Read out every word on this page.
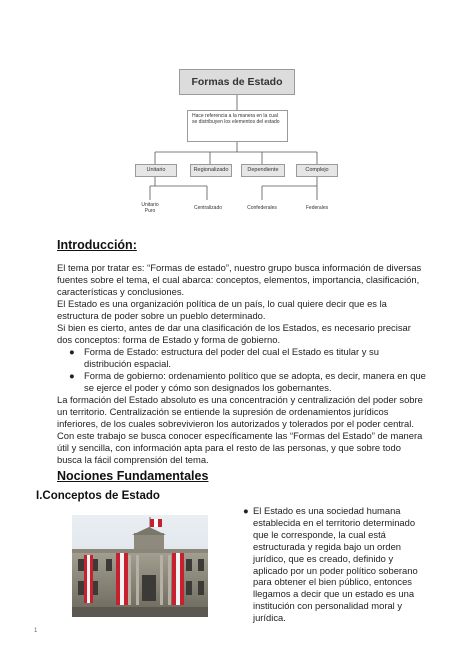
Formas de Estado
Hace referencia a la manera en la cual se distribuyen los elementos del estado
Unitario	Regionalizado	Dependiente	Complejo
Unitario
Puro	Centralizado	Confederales	Federales
Introducción:

El tema por tratar es: “Formas de estado”, nuestro grupo busca información de diversas fuentes sobre el tema, el cual abarca: conceptos, elementos, importancia, clasificación, características y conclusiones.

El Estado es una organización política de un país, lo cual quiere decir que es la estructura de poder sobre un pueblo determinado.

Si bien es cierto, antes de dar una clasificación de los Estados, es necesario precisar dos conceptos: forma de Estado y forma de gobierno.

● Forma de Estado: estructura del poder del cual el Estado es titular y su distribución espacial.
● Forma de gobierno: ordenamiento político que se adopta, es decir, manera en que se ejerce el poder y cómo son designados los gobernantes.

La formación del Estado absoluto es una concentración y centralización del poder sobre un territorio. Centralización se entiende la supresión de ordenamientos jurídicos inferiores, de los cuales sobrevivieron los autorizados y tolerados por el poder central.

Con este trabajo se busca conocer específicamente las “Formas del Estado” de manera útil y sencilla, con información apta para el resto de las personas, y que sobre todo busca la fácil comprensión del tema.

Nociones Fundamentales
I.Conceptos de Estado
● El Estado es una sociedad humana establecida en el territorio determinado que le corresponde, la cual está estructurada y regida bajo un orden jurídico, que es creado, definido y aplicado por un poder político soberano para obtener el bien público, entonces llegamos a decir que un estado es una institución con personalidad moral y jurídica.
1
